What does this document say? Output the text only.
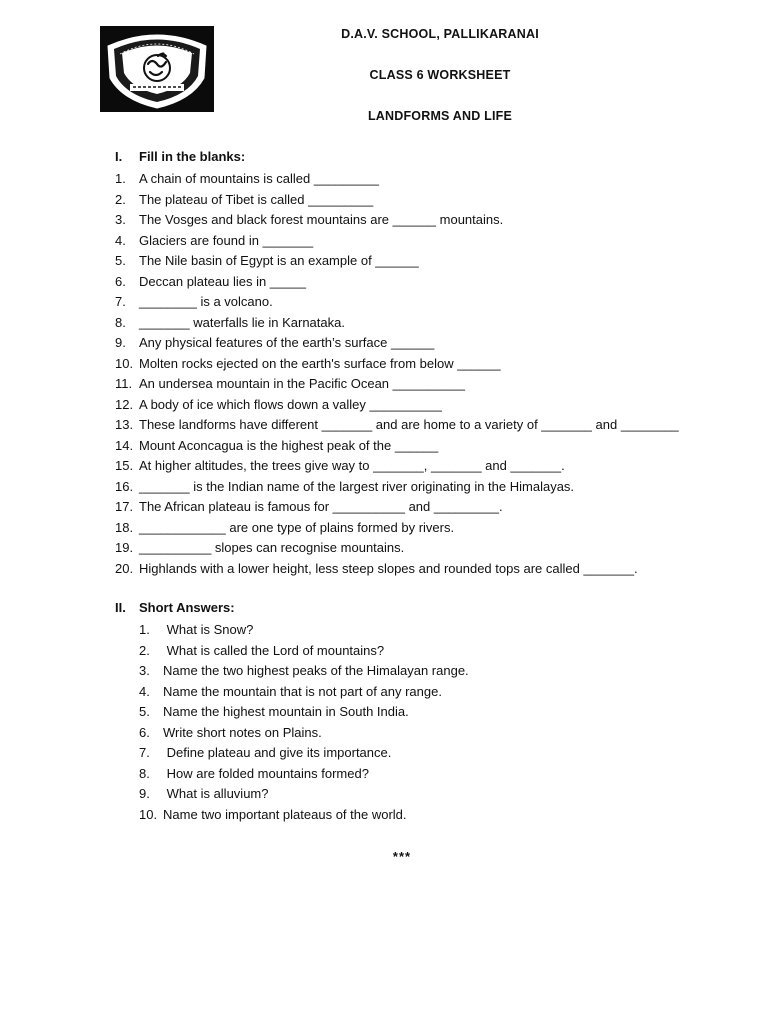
D.A.V. SCHOOL, PALLIKARANAI
CLASS 6 WORKSHEET
LANDFORMS AND LIFE
I.	Fill in the blanks:
1.	A chain of mountains is called _________
2.	The plateau of Tibet is called _________
3.	The Vosges and black forest mountains are ______ mountains.
4.	Glaciers are found in _______
5.	The Nile basin of Egypt is an example of ______
6.	Deccan plateau lies in _____
7.	________ is a volcano.
8.	_______ waterfalls lie in Karnataka.
9.	Any physical features of the earth’s surface ______
10. Molten rocks ejected on the earth's surface from below ______
11. An undersea mountain in the Pacific Ocean __________
12. A body of ice which flows down a valley __________
13. These landforms have different _______ and are home to a variety of _______ and ________
14. Mount Aconcagua is the highest peak of the ______
15. At higher altitudes, the trees give way to _______, _______ and _______.
16. _______ is the Indian name of the largest river originating in the Himalayas.
17. The African plateau is famous for __________ and _________.
18. ____________ are one type of plains formed by rivers.
19. __________ slopes can recognise mountains.
20. Highlands with a lower height, less steep slopes and rounded tops are called _______.
II.	Short Answers:
1.	What is Snow?
2.	What is called the Lord of mountains?
3.	Name the two highest peaks of the Himalayan range.
4.	Name the mountain that is not part of any range.
5.	Name the highest mountain in South India.
6.	Write short notes on Plains.
7.	Define plateau and give its importance.
8.	How are folded mountains formed?
9.	What is alluvium?
10. Name two important plateaus of the world.
***
